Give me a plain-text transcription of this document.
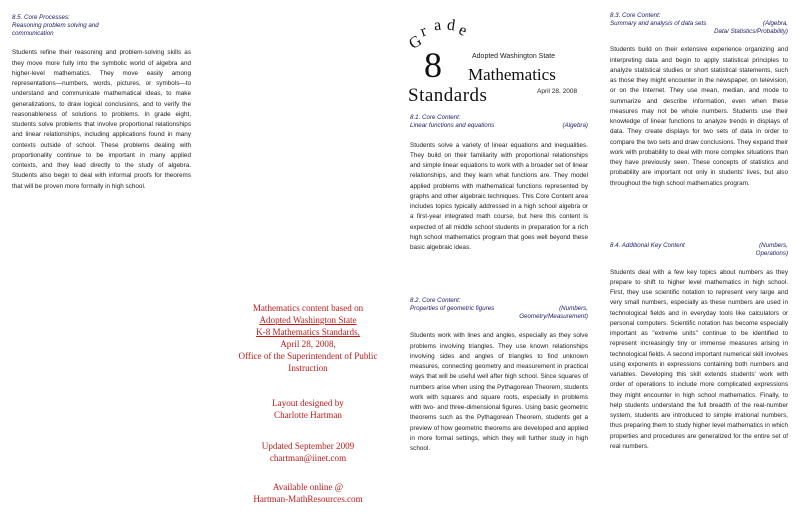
8.5. Core Processes:
Reasoning problem solving and
communication

Students refine their reasoning and problem-solving skills as they move more fully into the symbolic world of algebra and higher-level mathematics. They move easily among representations—numbers, words, pictures, or symbols—to understand and communicate mathematical ideas, to make generalizations, to draw logical conclusions, and to verify the reasonableness of solutions to problems. In grade eight, students solve problems that involve proportional relationships and linear relationships, including applications found in many contexts outside of school. These problems dealing with proportionality continue to be important in many applied contexts, and they lead directly to the study of algebra. Students also begin to deal with informal proofs for theorems that will be proven more formally in high school.

G
r a d e
8	Adopted Washington State
Mathematics
Standards	April 28, 2008
8.1. Core Content:
(Algebra)
Linear functions and equations

Students solve a variety of linear equations and inequalities. They build on their familiarity with proportional relationships and simple linear equations to work with a broader set of linear relationships, and they learn what functions are. They model applied problems with mathematical functions represented by graphs and other algebraic techniques. This Core Content area includes topics typically addressed in a high school algebra or a first-year integrated math course, but here this content is expected of all middle school students in preparation for a rich high school mathematics program that goes well beyond these basic algebraic ideas.

8.2. Core Content:
(Numbers,
Properties of geometric figures
Geometry/Measurement)

Students work with lines and angles, especially as they solve problems involving triangles. They use known relationships involving sides and angles of triangles to find unknown measures, connecting geometry and measurement in practical ways that will be useful well after high school. Since squares of numbers arise when using the Pythagorean Theorem, students work with squares and square roots, especially in problems with two- and three-dimensional figures. Using basic geometric theorems such as the Pythagorean Theorem, students get a preview of how geometric theorems are developed and applied in more formal settings, which they will further study in high school.

Mathematics content based on

Adopted Washington State

K-8 Mathematics Standards,

April 28, 2008,

Office of the Superintendent of Public

Instruction

Layout designed by

Charlotte Hartman

Updated September 2009

chartman@iinet.com

Available online @

Hartman-MathResources.com

8.3. Core Content:
(Algebra,
Summary and analysis of data sets
Data/ Statistics/Probability)

Students build on their extensive experience organizing and interpreting data and begin to apply statistical principles to analyze statistical studies or short statistical statements, such as those they might encounter in the newspaper, on television, or on the Internet. They use mean, median, and mode to summarize and describe information, even when these measures may not be whole numbers. Students use their knowledge of linear functions to analyze trends in displays of data. They create displays for two sets of data in order to compare the two sets and draw conclusions. They expand their work with probability to deal with more complex situations than they have previously seen. These concepts of statistics and probability are important not only in students' lives, but also throughout the high school mathematics program.

(Numbers,
8.4. Additional Key Content
Operations)

Students deal with a few key topics about numbers as they prepare to shift to higher level mathematics in high school. First, they use scientific notation to represent very large and very small numbers, especially as these numbers are used in technological fields and in everyday tools like calculators or personal computers. Scientific notation has become especially important as "extreme units" continue to be identified to represent increasingly tiny or immense measures arising in technological fields. A second important numerical skill involves using exponents in expressions containing both numbers and variables. Developing this skill extends students' work with order of operations to include more complicated expressions they might encounter in high school mathematics. Finally, to help students understand the full breadth of the real-number system, students are introduced to simple irrational numbers, thus preparing them to study higher level mathematics in which properties and procedures are generalized for the entire set of real numbers.
